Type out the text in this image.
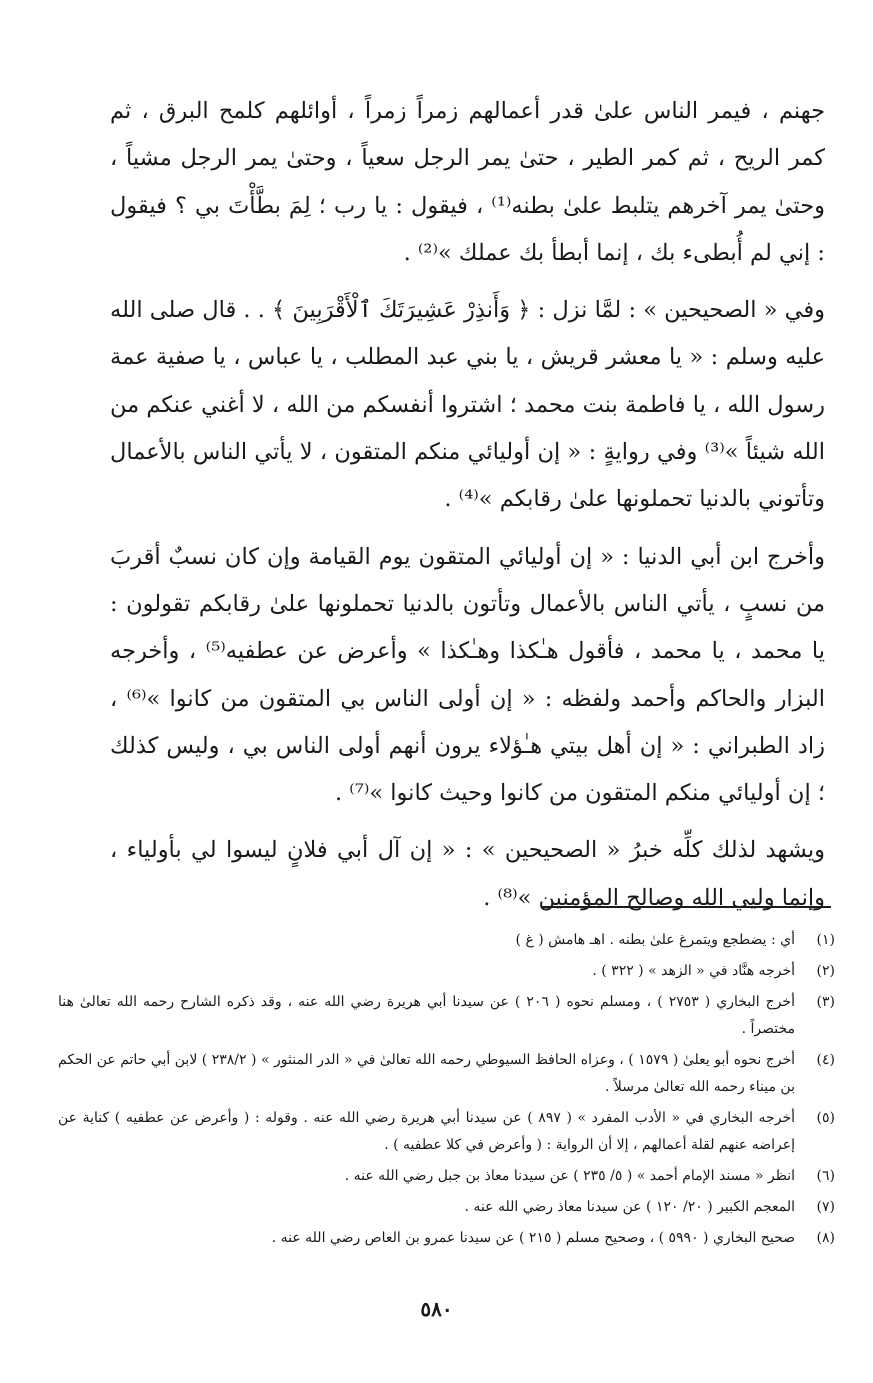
جهنم ، فيمر الناس علىٰ قدر أعمالهم زمراً زمراً ، أوائلهم كلمح البرق ، ثم كمر الريح ، ثم كمر الطير ، حتىٰ يمر الرجل سعياً ، وحتىٰ يمر الرجل مشياً ، وحتىٰ يمر آخرهم يتلبط علىٰ بطنه⁽¹⁾ ، فيقول : يا رب ؛ لِمَ بطَّأْتَ بي ؟ فيقول : إني لم أُبطىء بك ، إنما أبطأ بك عملك »⁽²⁾ .

وفي « الصحيحين » : لمَّا نزل : ﴿ وَأَنذِرْ عَشِيرَتَكَ ٱلْأَقْرَبِينَ ﴾ . . قال صلى الله عليه وسلم : « يا معشر قريش ، يا بني عبد المطلب ، يا عباس ، يا صفية عمة رسول الله ، يا فاطمة بنت محمد ؛ اشتروا أنفسكم من الله ، لا أغني عنكم من الله شيئاً »⁽³⁾ وفي روايةٍ : « إن أوليائي منكم المتقون ، لا يأتي الناس بالأعمال وتأتوني بالدنيا تحملونها علىٰ رقابكم »⁽⁴⁾ .

وأخرج ابن أبي الدنيا : « إن أوليائي المتقون يوم القيامة وإن كان نسبٌ أقربَ من نسبٍ ، يأتي الناس بالأعمال وتأتون بالدنيا تحملونها علىٰ رقابكم تقولون : يا محمد ، يا محمد ، فأقول هـٰكذا وهـٰكذا » وأعرض عن عطفيه⁽⁵⁾ ، وأخرجه البزار والحاكم وأحمد ولفظه : « إن أولى الناس بي المتقون من كانوا »⁽⁶⁾ ، زاد الطبراني : « إن أهل بيتي هـٰؤلاء يرون أنهم أولى الناس بي ، وليس كذلك ؛ إن أوليائي منكم المتقون من كانوا وحيث كانوا »⁽⁷⁾ .

ويشهد لذلك كلِّه خبرُ « الصحيحين » : « إن آل أبي فلانٍ ليسوا لي بأولياء ، وإنما وليي الله وصالح المؤمنين »⁽⁸⁾ .

(١)
أي : يضطجع ويتمرغ علىٰ بطنه . اهـ هامش ( غ )
(٢)
أخرجه هنَّاد في « الزهد » ( ٣٢٢ ) .
(٣)
أخرج البخاري ( ٢٧٥٣ ) ، ومسلم نحوه ( ٢٠٦ ) عن سيدنا أبي هريرة رضي الله عنه ، وقد ذكره الشارح رحمه الله تعالىٰ هنا مختصراً .
(٤)
أخرج نحوه أبو يعلىٰ ( ١٥٧٩ ) ، وعزاه الحافظ السيوطي رحمه الله تعالىٰ في « الدر المنثور » ( ٢٣٨/٢ ) لابن أبي حاتم عن الحكم بن ميناء رحمه الله تعالىٰ مرسلاً .
(٥)
أخرجه البخاري في « الأدب المفرد » ( ٨٩٧ ) عن سيدنا أبي هريرة رضي الله عنه . وقوله : ( وأعرض عن عطفيه ) كناية عن إعراضه عنهم لقلة أعمالهم ، إلا أن الرواية : ( وأعرض في كلا عطفيه ) .
(٦)
انظر « مسند الإمام أحمد » ( ٥/ ٢٣٥ ) عن سيدنا معاذ بن جبل رضي الله عنه .
(٧)
المعجم الكبير ( ٢٠/ ١٢٠ ) عن سيدنا معاذ رضي الله عنه .
(٨)
صحيح البخاري ( ٥٩٩٠ ) ، وصحيح مسلم ( ٢١٥ ) عن سيدنا عمرو بن العاص رضي الله عنه .
٥٨٠
